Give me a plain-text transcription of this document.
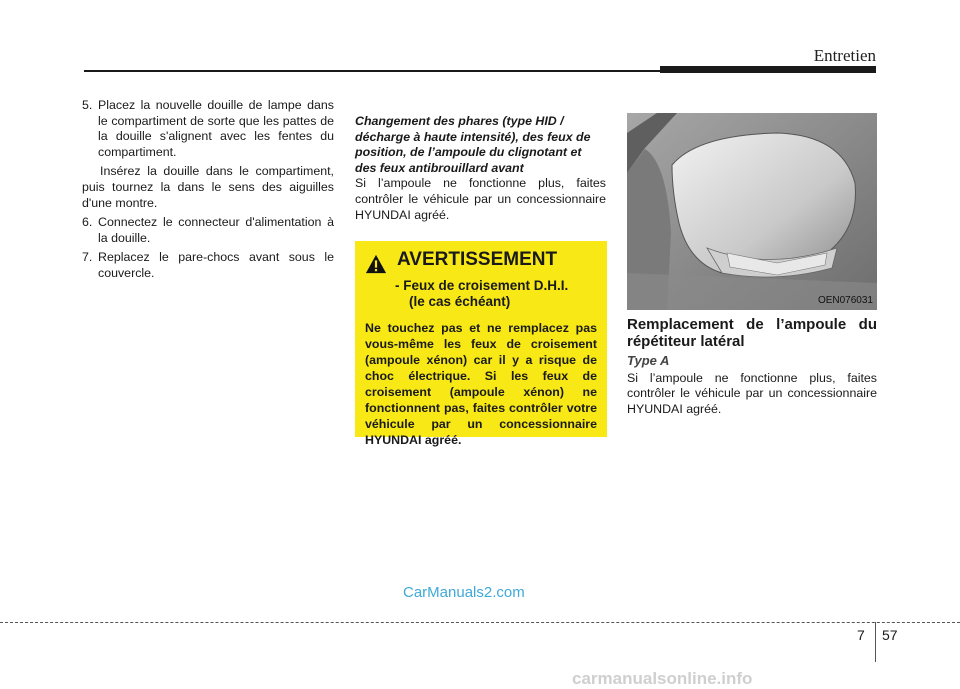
Entretien

5. Placez la nouvelle douille de lampe dans le compartiment de sorte que les pattes de la douille s'alignent avec les fentes du compartiment.

Insérez la douille dans le compartiment, puis tournez la dans le sens des aiguilles d'une montre.

6. Connectez le connecteur d'alimentation à la douille.

7. Replacez le pare-chocs avant sous le couvercle.

Changement des phares (type HID / décharge à haute intensité), des feux de position, de l’ampoule du clignotant et des feux antibrouillard avant

Si l’ampoule ne fonctionne plus, faites contrôler le véhicule par un concessionnaire HYUNDAI agréé.

AVERTISSEMENT
- Feux de croisement D.H.I.
(le cas échéant)
Ne touchez pas et ne remplacez pas vous-même les feux de croisement (ampoule xénon) car il y a risque de choc électrique. Si les feux de croisement (ampoule xénon) ne fonctionnent pas, faites contrôler votre véhicule par un concessionnaire HYUNDAI agréé.
OEN076031

Remplacement de l’ampoule du répétiteur latéral

Type A

Si l’ampoule ne fonctionne plus, faites contrôler le véhicule par un concessionnaire HYUNDAI agréé.

CarManuals2.com
7 57
carmanualsonline.info
